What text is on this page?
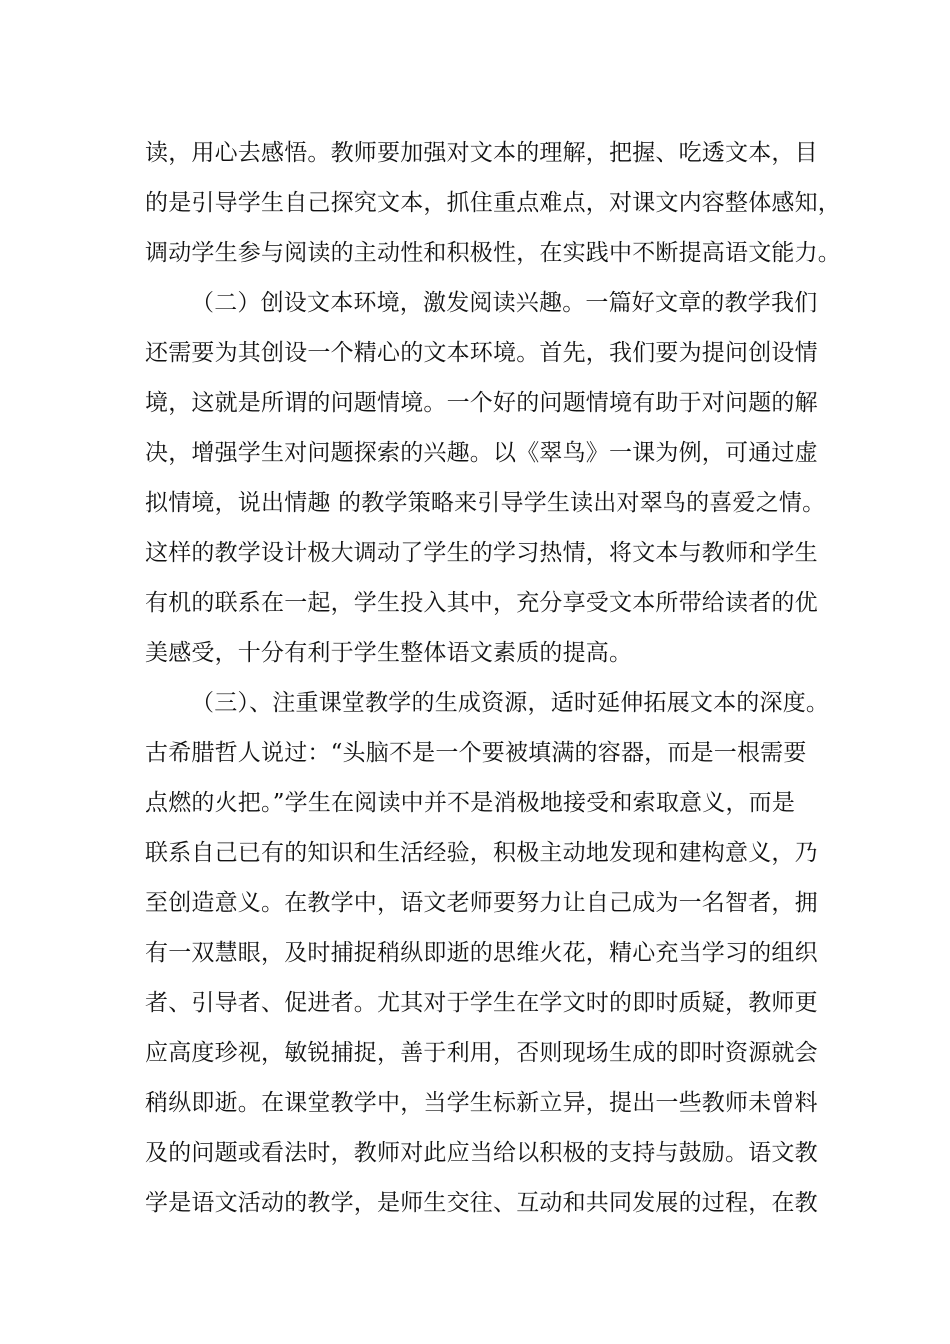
读，用心去感悟。教师要加强对文本的理解，把握、吃透文本，目
的是引导学生自己探究文本，抓住重点难点，对课文内容整体感知，
调动学生参与阅读的主动性和积极性，在实践中不断提高语文能力。
（二）创设文本环境，激发阅读兴趣。一篇好文章的教学我们
还需要为其创设一个精心的文本环境。首先，我们要为提问创设情
境，这就是所谓的问题情境。一个好的问题情境有助于对问题的解
决，增强学生对问题探索的兴趣。以《翠鸟》一课为例，可通过虚
拟情境，说出情趣 的教学策略来引导学生读出对翠鸟的喜爱之情。
这样的教学设计极大调动了学生的学习热情，将文本与教师和学生
有机的联系在一起，学生投入其中，充分享受文本所带给读者的优
美感受，十分有利于学生整体语文素质的提高。
（三）、注重课堂教学的生成资源，适时延伸拓展文本的深度。
古希腊哲人说过：“头脑不是一个要被填满的容器，而是一根需要
点燃的火把。”学生在阅读中并不是消极地接受和索取意义，而是
联系自己已有的知识和生活经验，积极主动地发现和建构意义，乃
至创造意义。在教学中，语文老师要努力让自己成为一名智者，拥
有一双慧眼，及时捕捉稍纵即逝的思维火花，精心充当学习的组织
者、引导者、促进者。尤其对于学生在学文时的即时质疑，教师更
应高度珍视，敏锐捕捉，善于利用，否则现场生成的即时资源就会
稍纵即逝。在课堂教学中，当学生标新立异，提出一些教师未曾料
及的问题或看法时，教师对此应当给以积极的支持与鼓励。语文教
学是语文活动的教学，是师生交往、互动和共同发展的过程，在教
